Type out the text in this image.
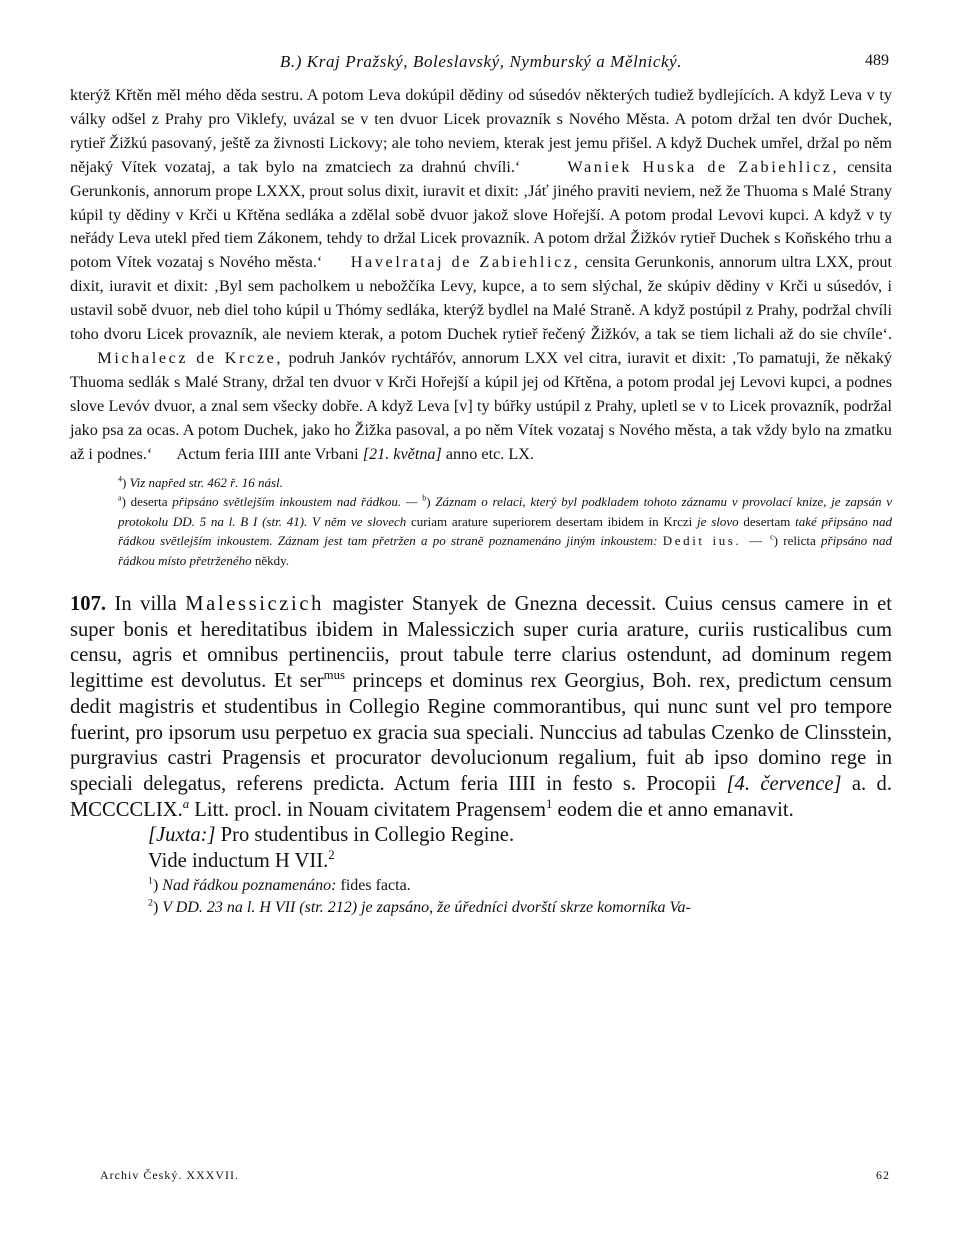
B.) Kraj Pražský, Boleslavský, Nymburský a Mělnický.	489

kterýž Křtěn měl mého děda sestru. A potom Leva dokúpil dědiny od súsedóv některých tudiež bydlejících. A když Leva v ty války odšel z Prahy pro Viklefy, uvázal se v ten dvuor Licek provazník s Nového Města. A potom držal ten dvór Duchek, rytieř Žižkú pasovaný, ještě za živnosti Lickovy; ale toho neviem, kterak jest jemu přišel. A když Duchek umřel, držal po něm nějaký Vítek vozataj, a tak bylo na zmatciech za drahnú chvíli.‘	Waniek Huska de Zabiehlicz, censita Gerunkonis, annorum prope LXXX, prout solus dixit, iuravit et dixit: ‚Jáť jiného praviti neviem, než že Thuoma s Malé Strany kúpil ty dědiny v Krči u Křtěna sedláka a zdělal sobě dvuor jakož slove Hořejší. A potom prodal Levovi kupci. A když v ty neřády Leva utekl před tiem Zákonem, tehdy to držal Licek provazník. A potom držal Žižkóv rytieř Duchek s Koňského trhu a potom Vítek vozataj s Nového města.‘ Havelrataj de Zabiehlicz, censita Gerunkonis, annorum ultra LXX, prout dixit, iuravit et dixit: ‚Byl sem pacholkem u nebožčíka Levy, kupce, a to sem slýchal, že skúpiv dědiny v Krči u súsedóv, i ustavil sobě dvuor, neb diel toho kúpil u Thómy sedláka, kterýž bydlel na Malé Straně. A když postúpil z Prahy, podržal chvíli toho dvoru Licek provazník, ale neviem kterak, a potom Duchek rytieř řečený Žižkóv, a tak se tiem lichali až do sie chvíle‘.      Michalecz de Krcze, podruh Jankóv rychtářóv, annorum LXX vel citra, iuravit et dixit: ‚To pamatuji, že někaký Thuoma sedlák s Malé Strany, držal ten dvuor v Krči Hořejší a kúpil jej od Křtěna, a potom prodal jej Levovi kupci, a podnes slove Levóv dvuor, a znal sem všecky dobře. A když Leva [v] ty búřky ustúpil z Prahy, upletl se v to Licek provazník, podržal jako psa za ocas. A potom Duchek, jako ho Žižka pasoval, a po něm Vítek vozataj s Nového města, a tak vždy bylo na zmatku až i podnes.‘ Actum feria IIII ante Vrbani [21. května] anno etc. LX.

$^4$) Viz napřed str. 462 ř. 16 násl.

$^a$) deserta připsáno světlejším inkoustem nad řádkou. — $^b$) Záznam o relaci, který byl podkladem tohoto záznamu v provolací knize, je zapsán v protokolu DD. 5 na l. B I (str. 41). V něm ve slovech curiam arature superiorem desertam ibidem in Krczi je slovo desertam také připsáno nad řádkou světlejším inkoustem. Záznam jest tam přetržen a po straně poznamenáno jiným inkoustem: Dedit ius. — $^c$) relicta připsáno nad řádkou místo přetrženého někdy.

107. In villa Malessiczich magister Stanyek de Gnezna decessit. Cuius census camere in et super bonis et hereditatibus ibidem in Malessiczich super curia arature, curiis rusticalibus cum censu, agris et omnibus pertinenciis, prout tabule terre clarius ostendunt, ad dominum regem legittime est devolutus. Et ser$^{mus}$ princeps et dominus rex Georgius, Boh. rex, predictum censum dedit magistris et studentibus in Collegio Regine commorantibus, qui nunc sunt vel pro tempore fuerint, pro ipsorum usu perpetuo ex gracia sua speciali. Nunccius ad tabulas Czenko de Clinsstein, purgravius castri Pragensis et procurator devolucionum regalium, fuit ab ipso domino rege in speciali delegatus, referens predicta. Actum feria IIII in festo s. Procopii [4. července] a. d. MCCCCLIX.$^a$ Litt. procl. in Nouam civitatem Pragensem$^1$ eodem die et anno emanavit.

[Juxta:] Pro studentibus in Collegio Regine.

Vide inductum H VII.$^2$

$^1$) Nad řádkou poznamenáno: fides facta.

$^2$) V DD. 23 na l. H VII (str. 212) je zapsáno, že úředníci dvorští skrze komorníka Va-

Archiv Český. XXXVII.	62
